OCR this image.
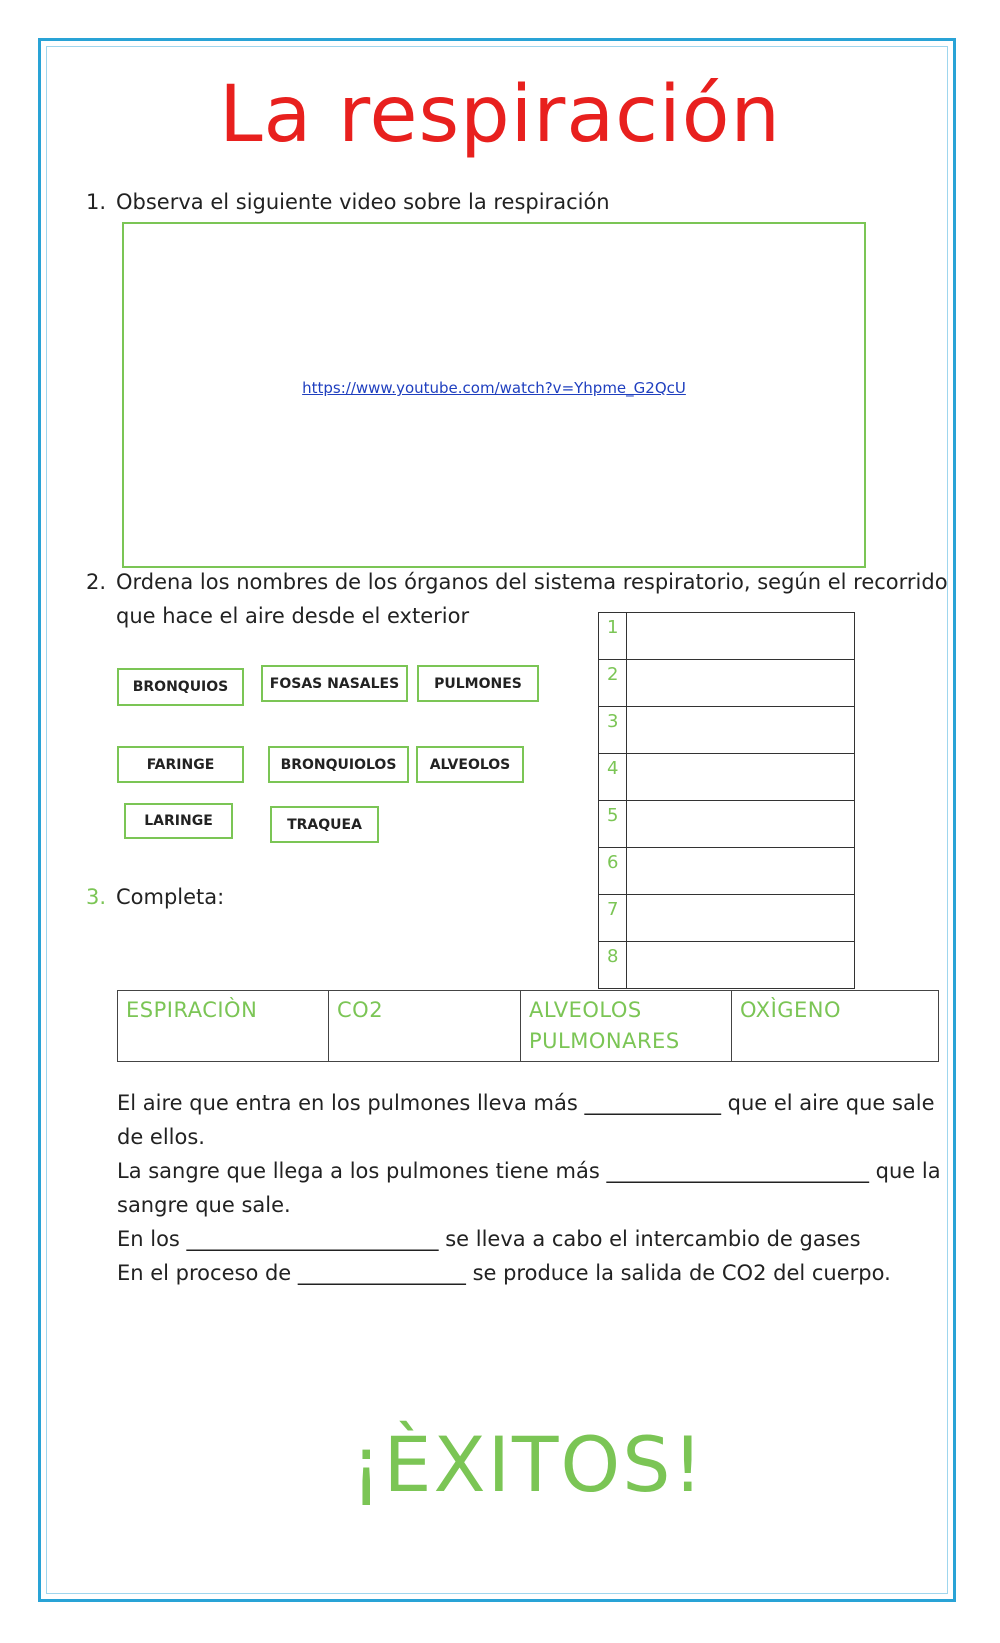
La respiración
1. Observa el siguiente video sobre la respiración
https://www.youtube.com/watch?v=Yhpme_G2QcU
2. Ordena los nombres de los órganos del sistema respiratorio, según el recorrido
que hace el aire desde el exterior
BRONQUIOS	FOSAS NASALES	PULMONES
FARINGE	BRONQUIOLOS	ALVEOLOS
LARINGE	TRAQUEA
1	
2	
3	
4	
5	
6	
7	
8	
3. Completa:
ESPIRACIÒN	CO2	ALVEOLOS PULMONARES	OXÌGENO
El aire que entra en los pulmones lleva más _____________ que el aire que sale de ellos.
La sangre que llega a los pulmones tiene más _________________________ que la sangre que sale.
En los ________________________ se lleva a cabo el intercambio de gases
En el proceso de ________________ se produce la salida de CO2 del cuerpo.
¡ÈXITOS!
